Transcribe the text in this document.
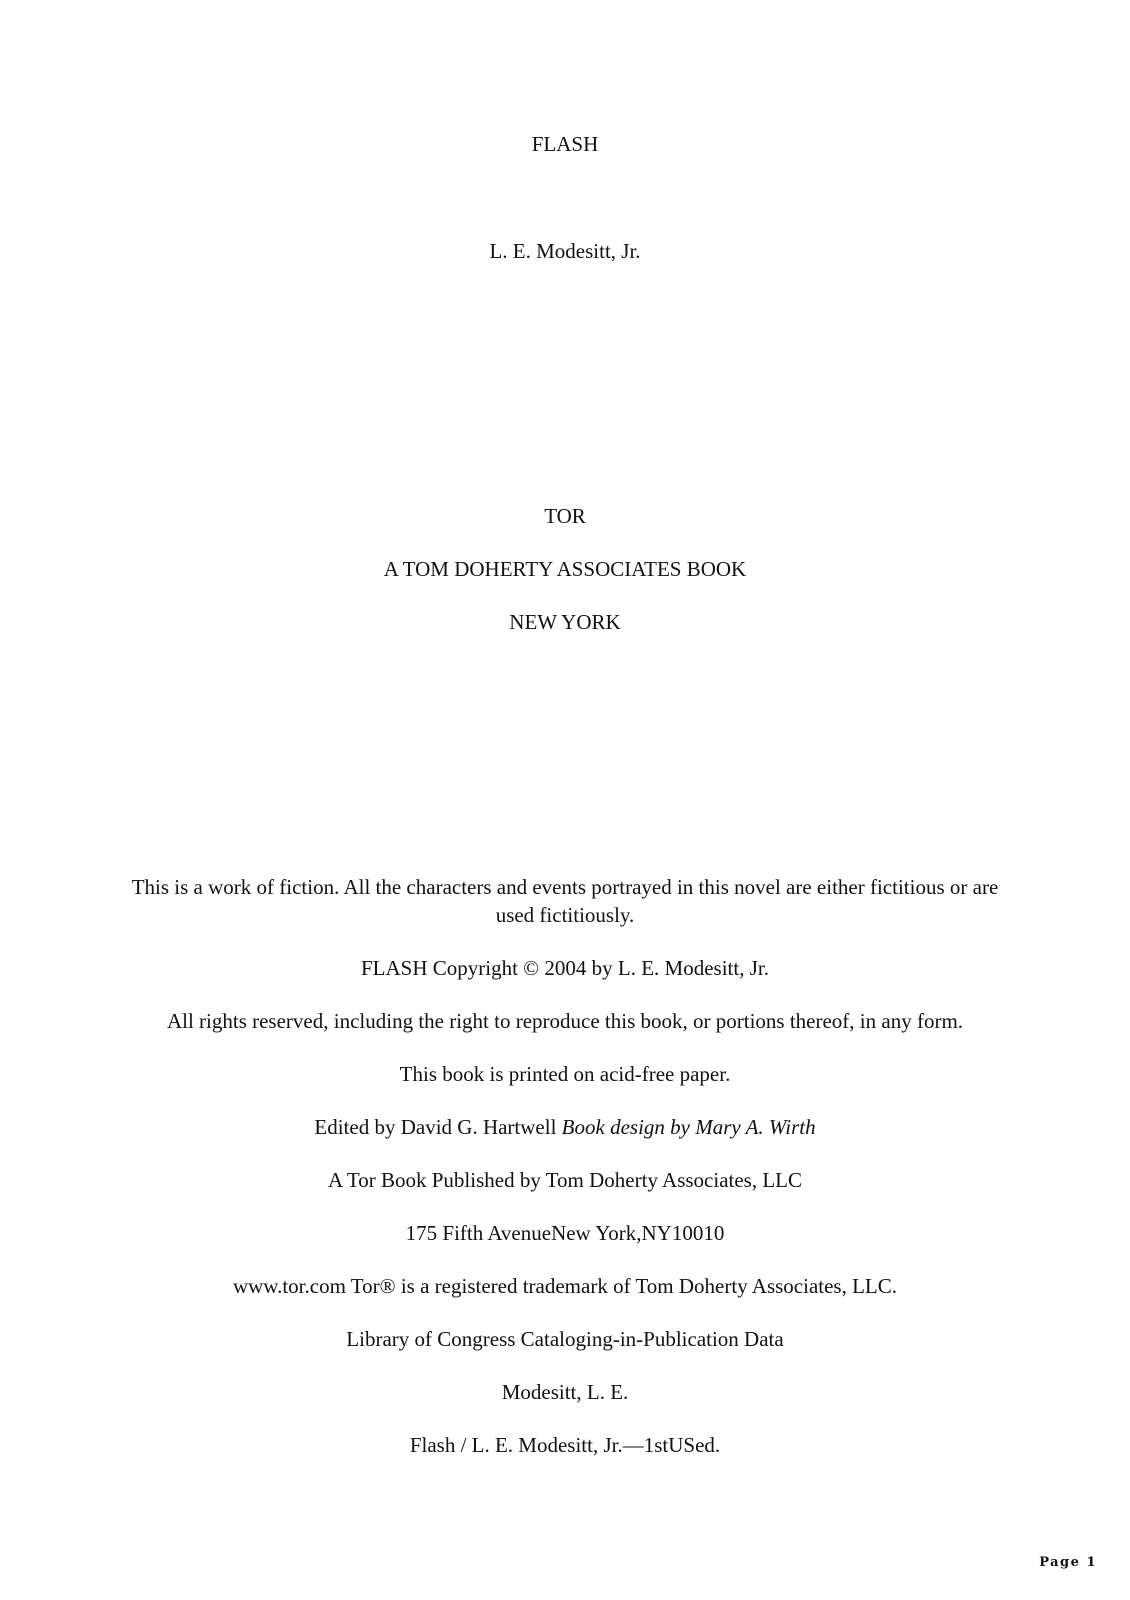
FLASH
L. E. Modesitt, Jr.
TOR
A TOM DOHERTY ASSOCIATES BOOK
NEW YORK
This is a work of fiction. All the characters and events portrayed in this novel are either fictitious or are used fictitiously.
FLASH Copyright © 2004 by L. E. Modesitt, Jr.
All rights reserved, including the right to reproduce this book, or portions thereof, in any form.
This book is printed on acid-free paper.
Edited by David G. Hartwell Book design by Mary A. Wirth
A Tor Book Published by Tom Doherty Associates, LLC
175 Fifth AvenueNew York,NY10010
www.tor.com Tor® is a registered trademark of Tom Doherty Associates, LLC.
Library of Congress Cataloging-in-Publication Data
Modesitt, L. E.
Flash / L. E. Modesitt, Jr.—1stUSed.
Page 1
